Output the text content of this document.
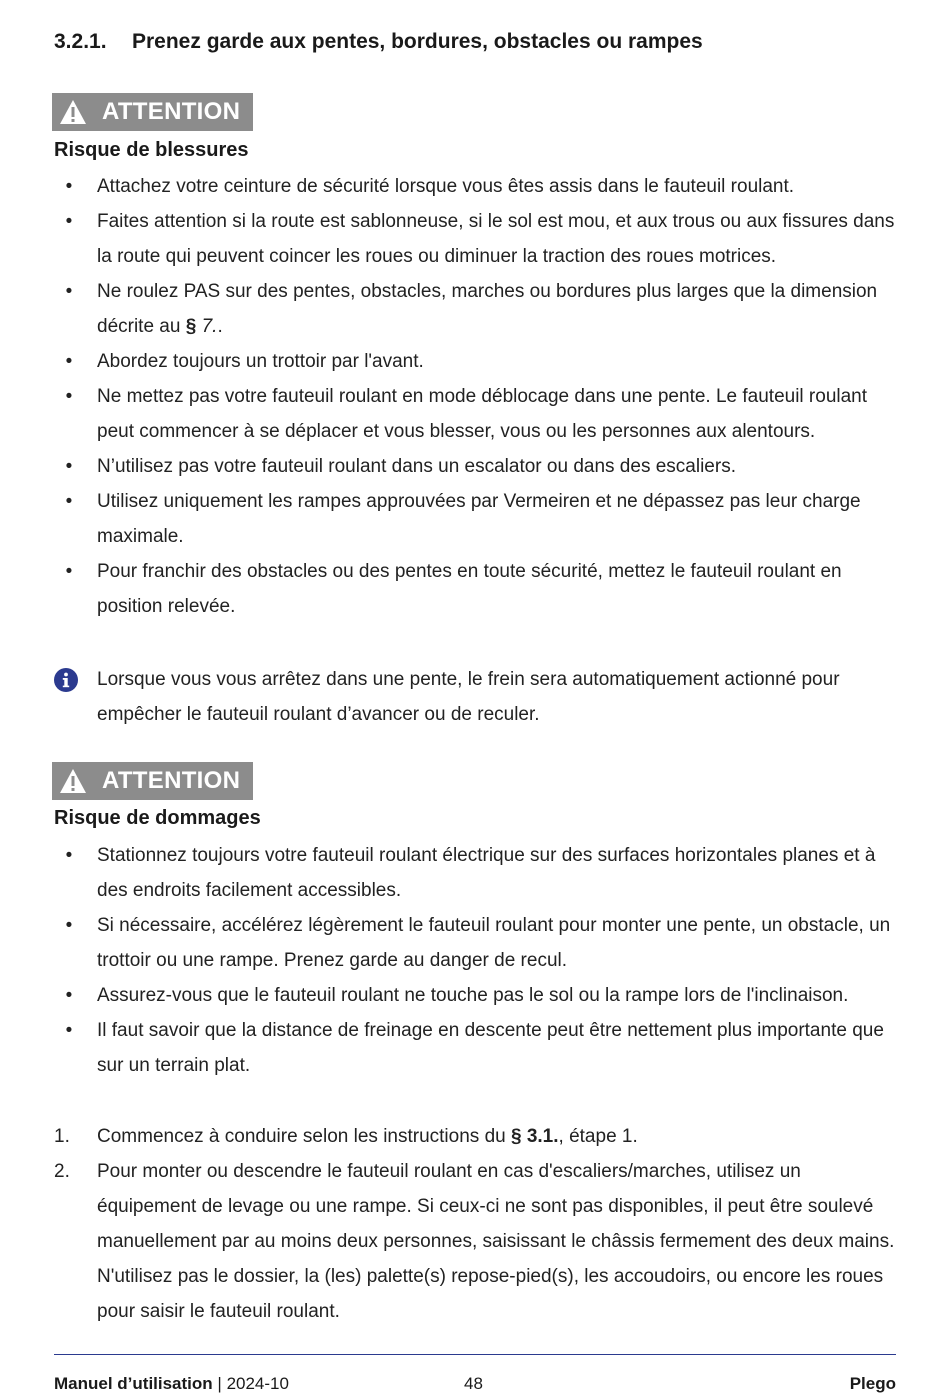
3.2.1. Prenez garde aux pentes, bordures, obstacles ou rampes
ATTENTION
Risque de blessures
•	Attachez votre ceinture de sécurité lorsque vous êtes assis dans le fauteuil roulant.
•	Faites attention si la route est sablonneuse, si le sol est mou, et aux trous ou aux fissures dans la route qui peuvent coincer les roues ou diminuer la traction des roues motrices.
•	Ne roulez PAS sur des pentes, obstacles, marches ou bordures plus larges que la dimension décrite au § 7..
•	Abordez toujours un trottoir par l'avant.
•	Ne mettez pas votre fauteuil roulant en mode déblocage dans une pente. Le fauteuil roulant peut commencer à se déplacer et vous blesser, vous ou les personnes aux alentours.
•	N’utilisez pas votre fauteuil roulant dans un escalator ou dans des escaliers.
•	Utilisez uniquement les rampes approuvées par Vermeiren et ne dépassez pas leur charge maximale.
•	Pour franchir des obstacles ou des pentes en toute sécurité, mettez le fauteuil roulant en position relevée.
Lorsque vous vous arrêtez dans une pente, le frein sera automatiquement actionné pour empêcher le fauteuil roulant d’avancer ou de reculer.
ATTENTION
Risque de dommages
•	Stationnez toujours votre fauteuil roulant électrique sur des surfaces horizontales planes et à des endroits facilement accessibles.
•	Si nécessaire, accélérez légèrement le fauteuil roulant pour monter une pente, un obstacle, un trottoir ou une rampe. Prenez garde au danger de recul.
•	Assurez-vous que le fauteuil roulant ne touche pas le sol ou la rampe lors de l'inclinaison.
•	Il faut savoir que la distance de freinage en descente peut être nettement plus importante que sur un terrain plat.
1.	Commencez à conduire selon les instructions du § 3.1., étape 1.
2.	Pour monter ou descendre le fauteuil roulant en cas d'escaliers/marches, utilisez un équipement de levage ou une rampe. Si ceux-ci ne sont pas disponibles, il peut être soulevé manuellement par au moins deux personnes, saisissant le châssis fermement des deux mains. N'utilisez pas le dossier, la (les) palette(s) repose-pied(s), les accoudoirs, ou encore les roues pour saisir le fauteuil roulant.
Manuel d’utilisation | 2024-10	48	Plego
